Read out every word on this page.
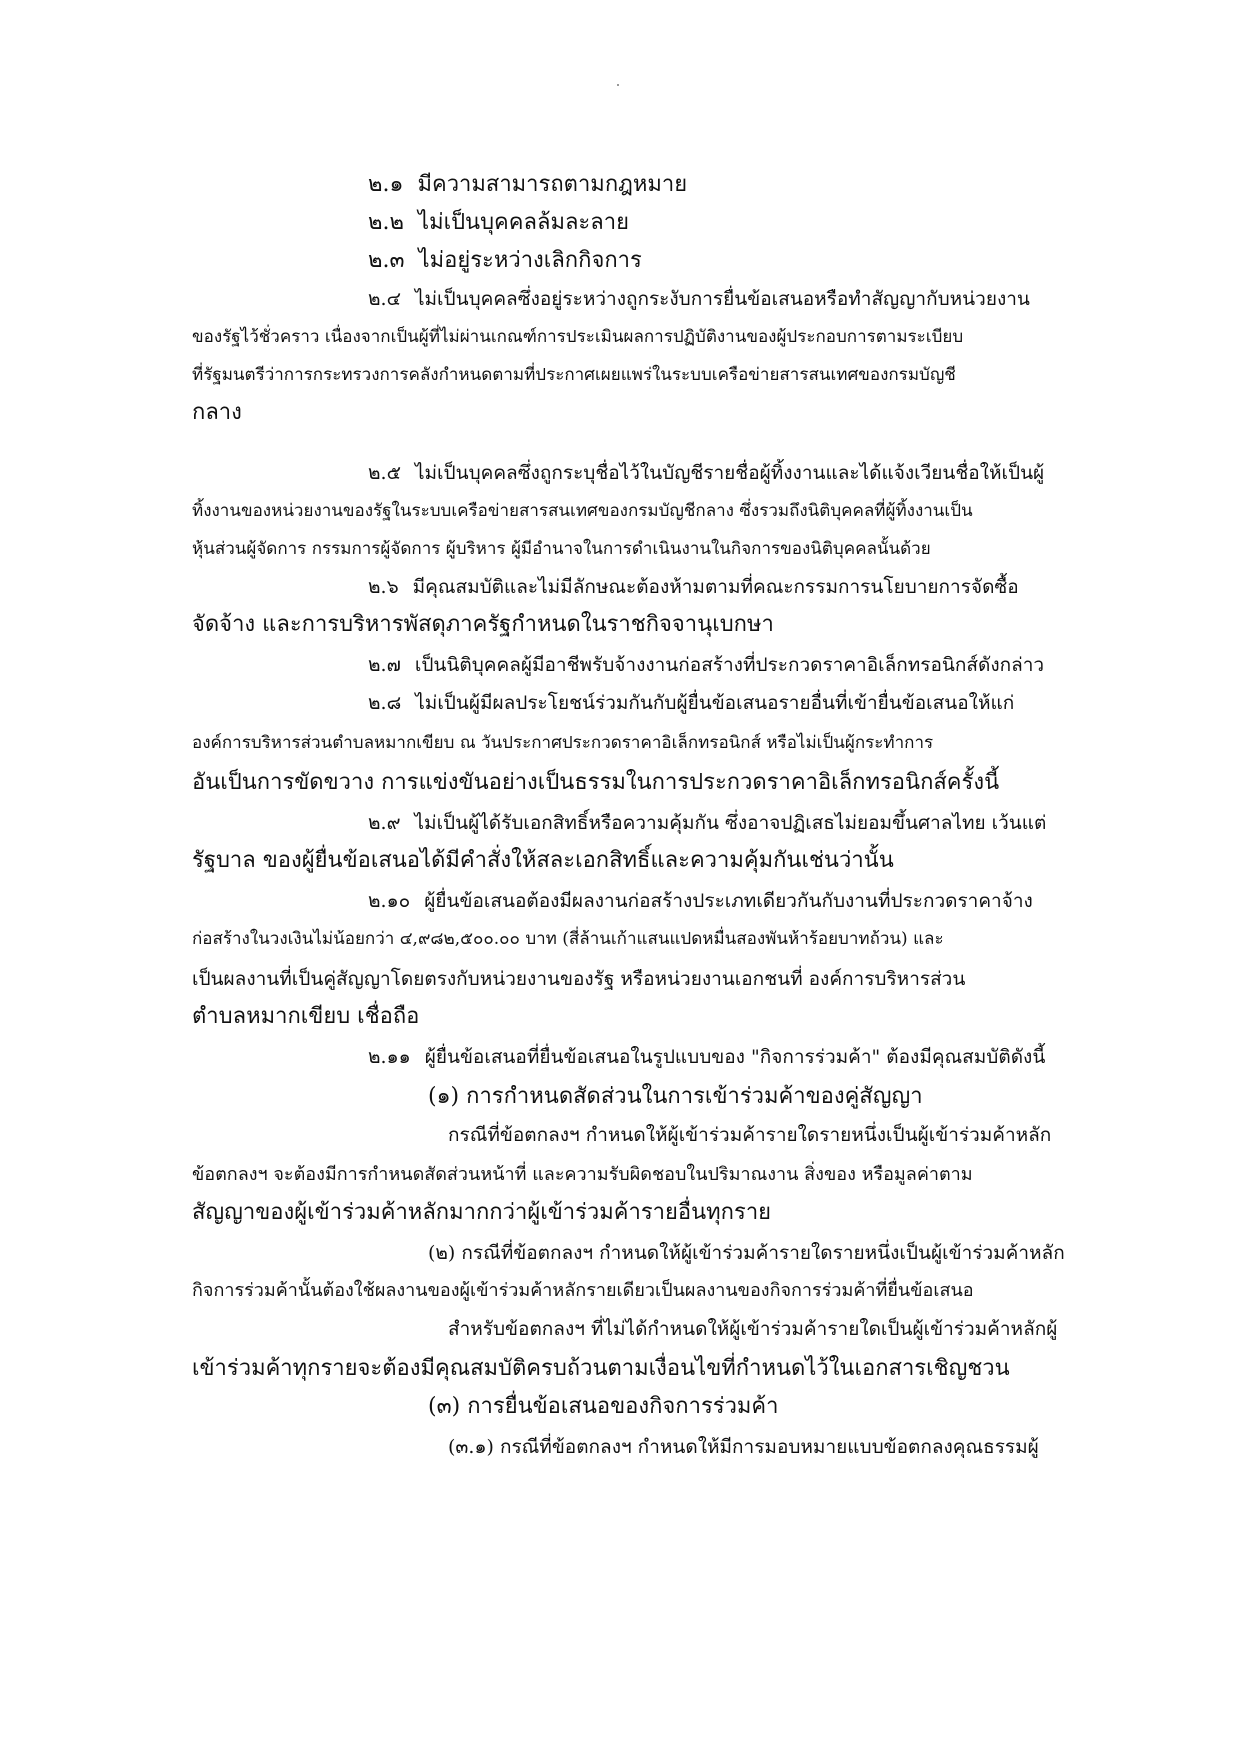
๒.๑ มีความสามารถตามกฎหมาย
๒.๒ ไม่เป็นบุคคลล้มละลาย
๒.๓ ไม่อยู่ระหว่างเลิกกิจการ
๒.๔ ไม่เป็นบุคคลซึ่งอยู่ระหว่างถูกระงับการยื่นข้อเสนอหรือทำสัญญากับหน่วยงาน
ของรัฐไว้ชั่วคราว เนื่องจากเป็นผู้ที่ไม่ผ่านเกณฑ์การประเมินผลการปฏิบัติงานของผู้ประกอบการตามระเบียบ
ที่รัฐมนตรีว่าการกระทรวงการคลังกำหนดตามที่ประกาศเผยแพร่ในระบบเครือข่ายสารสนเทศของกรมบัญชี
กลาง
๒.๕ ไม่เป็นบุคคลซึ่งถูกระบุชื่อไว้ในบัญชีรายชื่อผู้ทิ้งงานและได้แจ้งเวียนชื่อให้เป็นผู้
ทิ้งงานของหน่วยงานของรัฐในระบบเครือข่ายสารสนเทศของกรมบัญชีกลาง ซึ่งรวมถึงนิติบุคคลที่ผู้ทิ้งงานเป็น
หุ้นส่วนผู้จัดการ กรรมการผู้จัดการ ผู้บริหาร ผู้มีอำนาจในการดำเนินงานในกิจการของนิติบุคคลนั้นด้วย
๒.๖ มีคุณสมบัติและไม่มีลักษณะต้องห้ามตามที่คณะกรรมการนโยบายการจัดซื้อ
จัดจ้าง และการบริหารพัสดุภาครัฐกำหนดในราชกิจจานุเบกษา
๒.๗ เป็นนิติบุคคลผู้มีอาชีพรับจ้างงานก่อสร้างที่ประกวดราคาอิเล็กทรอนิกส์ดังกล่าว
๒.๘ ไม่เป็นผู้มีผลประโยชน์ร่วมกันกับผู้ยื่นข้อเสนอรายอื่นที่เข้ายื่นข้อเสนอให้แก่
องค์การบริหารส่วนตำบลหมากเขียบ ณ วันประกาศประกวดราคาอิเล็กทรอนิกส์ หรือไม่เป็นผู้กระทำการ
อันเป็นการขัดขวาง การแข่งขันอย่างเป็นธรรมในการประกวดราคาอิเล็กทรอนิกส์ครั้งนี้
๒.๙ ไม่เป็นผู้ได้รับเอกสิทธิ์หรือความคุ้มกัน ซึ่งอาจปฏิเสธไม่ยอมขึ้นศาลไทย เว้นแต่
รัฐบาล ของผู้ยื่นข้อเสนอได้มีคำสั่งให้สละเอกสิทธิ์และความคุ้มกันเช่นว่านั้น
๒.๑๐ ผู้ยื่นข้อเสนอต้องมีผลงานก่อสร้างประเภทเดียวกันกับงานที่ประกวดราคาจ้าง
ก่อสร้างในวงเงินไม่น้อยกว่า ๔,๙๘๒,๕๐๐.๐๐ บาท (สี่ล้านเก้าแสนแปดหมื่นสองพันห้าร้อยบาทถ้วน) และ
เป็นผลงานที่เป็นคู่สัญญาโดยตรงกับหน่วยงานของรัฐ หรือหน่วยงานเอกชนที่ องค์การบริหารส่วน
ตำบลหมากเขียบ เชื่อถือ
๒.๑๑ ผู้ยื่นข้อเสนอที่ยื่นข้อเสนอในรูปแบบของ "กิจการร่วมค้า" ต้องมีคุณสมบัติดังนี้
(๑) การกำหนดสัดส่วนในการเข้าร่วมค้าของคู่สัญญา
กรณีที่ข้อตกลงฯ กำหนดให้ผู้เข้าร่วมค้ารายใดรายหนึ่งเป็นผู้เข้าร่วมค้าหลัก
ข้อตกลงฯ จะต้องมีการกำหนดสัดส่วนหน้าที่ และความรับผิดชอบในปริมาณงาน สิ่งของ หรือมูลค่าตาม
สัญญาของผู้เข้าร่วมค้าหลักมากกว่าผู้เข้าร่วมค้ารายอื่นทุกราย
(๒) กรณีที่ข้อตกลงฯ กำหนดให้ผู้เข้าร่วมค้ารายใดรายหนึ่งเป็นผู้เข้าร่วมค้าหลัก
กิจการร่วมค้านั้นต้องใช้ผลงานของผู้เข้าร่วมค้าหลักรายเดียวเป็นผลงานของกิจการร่วมค้าที่ยื่นข้อเสนอ
สำหรับข้อตกลงฯ ที่ไม่ได้กำหนดให้ผู้เข้าร่วมค้ารายใดเป็นผู้เข้าร่วมค้าหลักผู้
เข้าร่วมค้าทุกรายจะต้องมีคุณสมบัติครบถ้วนตามเงื่อนไขที่กำหนดไว้ในเอกสารเชิญชวน
(๓) การยื่นข้อเสนอของกิจการร่วมค้า
(๓.๑) กรณีที่ข้อตกลงฯ กำหนดให้มีการมอบหมายแบบข้อตกลงคุณธรรมผู้
